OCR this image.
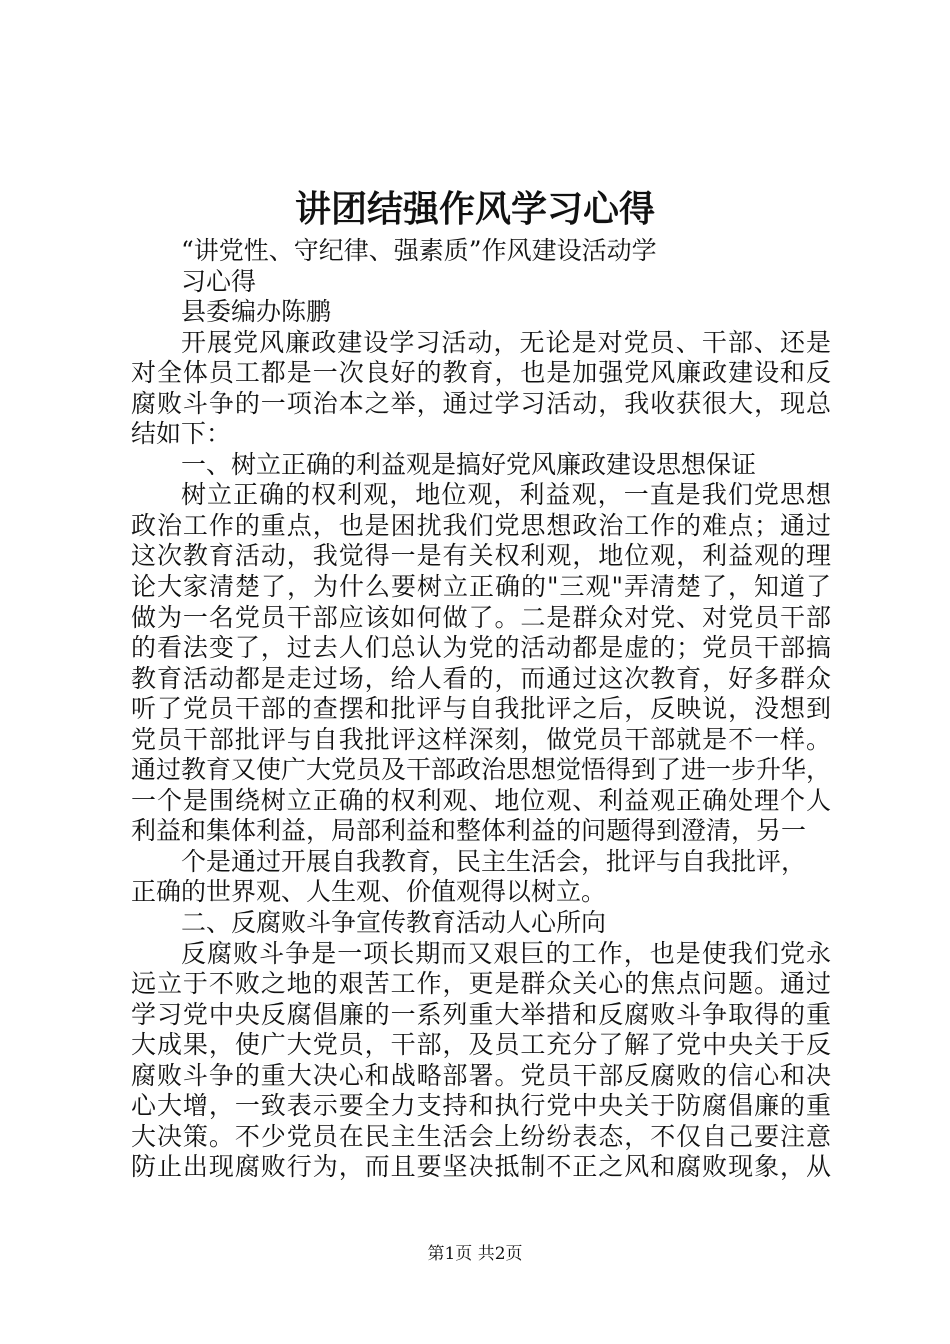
讲团结强作风学习心得
“讲党性、守纪律、强素质”作风建设活动学
习心得
县委编办陈鹏
开展党风廉政建设学习活动，无论是对党员、干部、还是
对全体员工都是一次良好的教育，也是加强党风廉政建设和反
腐败斗争的一项治本之举，通过学习活动，我收获很大，现总
结如下：
一、树立正确的利益观是搞好党风廉政建设思想保证
树立正确的权利观，地位观，利益观，一直是我们党思想
政治工作的重点，也是困扰我们党思想政治工作的难点；通过
这次教育活动，我觉得一是有关权利观，地位观，利益观的理
论大家清楚了，为什么要树立正确的"三观"弄清楚了，知道了
做为一名党员干部应该如何做了。二是群众对党、对党员干部
的看法变了，过去人们总认为党的活动都是虚的；党员干部搞
教育活动都是走过场，给人看的，而通过这次教育，好多群众
听了党员干部的查摆和批评与自我批评之后，反映说，没想到
党员干部批评与自我批评这样深刻，做党员干部就是不一样。
通过教育又使广大党员及干部政治思想觉悟得到了进一步升华，
一个是围绕树立正确的权利观、地位观、利益观正确处理个人
利益和集体利益，局部利益和整体利益的问题得到澄清，另一
个是通过开展自我教育，民主生活会，批评与自我批评，
正确的世界观、人生观、价值观得以树立。
二、反腐败斗争宣传教育活动人心所向
反腐败斗争是一项长期而又艰巨的工作，也是使我们党永
远立于不败之地的艰苦工作，更是群众关心的焦点问题。通过
学习党中央反腐倡廉的一系列重大举措和反腐败斗争取得的重
大成果，使广大党员，干部，及员工充分了解了党中央关于反
腐败斗争的重大决心和战略部署。党员干部反腐败的信心和决
心大增，一致表示要全力支持和执行党中央关于防腐倡廉的重
大决策。不少党员在民主生活会上纷纷表态，不仅自己要注意
防止出现腐败行为，而且要坚决抵制不正之风和腐败现象，从
第1页 共2页
